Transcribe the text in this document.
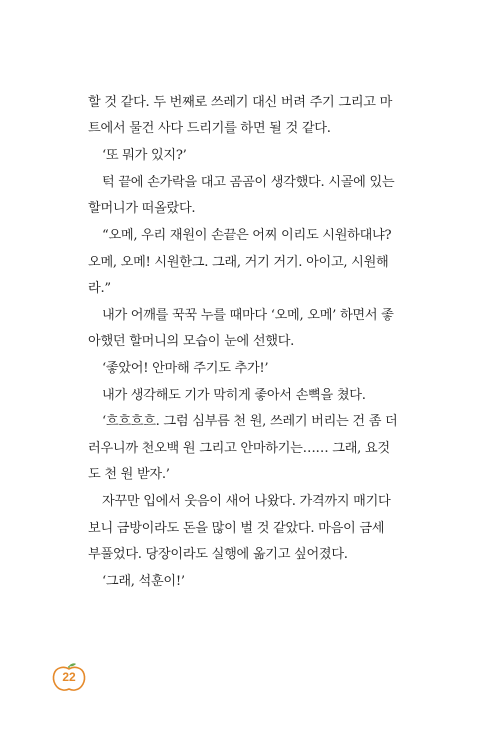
할 것 같다. 두 번째로 쓰레기 대신 버려 주기 그리고 마
트에서 물건 사다 드리기를 하면 될 것 같다.
‘또 뭐가 있지?’
턱 끝에 손가락을 대고 곰곰이 생각했다. 시골에 있는
할머니가 떠올랐다.
“오메, 우리 재원이 손끝은 어찌 이리도 시원하대냐?
오메, 오메! 시원한그. 그래, 거기 거기. 아이고, 시원해
라.”
내가 어깨를 꾹꾹 누를 때마다 ‘오메, 오메’ 하면서 좋
아했던 할머니의 모습이 눈에 선했다.
‘좋았어! 안마해 주기도 추가!’
내가 생각해도 기가 막히게 좋아서 손뼉을 쳤다.
‘흐흐흐흐. 그럼 심부름 천 원, 쓰레기 버리는 건 좀 더
러우니까 천오백 원 그리고 안마하기는…… 그래, 요것
도 천 원 받자.’
자꾸만 입에서 웃음이 새어 나왔다. 가격까지 매기다
보니 금방이라도 돈을 많이 벌 것 같았다. 마음이 금세
부풀었다. 당장이라도 실행에 옮기고 싶어졌다.
‘그래, 석훈이!’
22
